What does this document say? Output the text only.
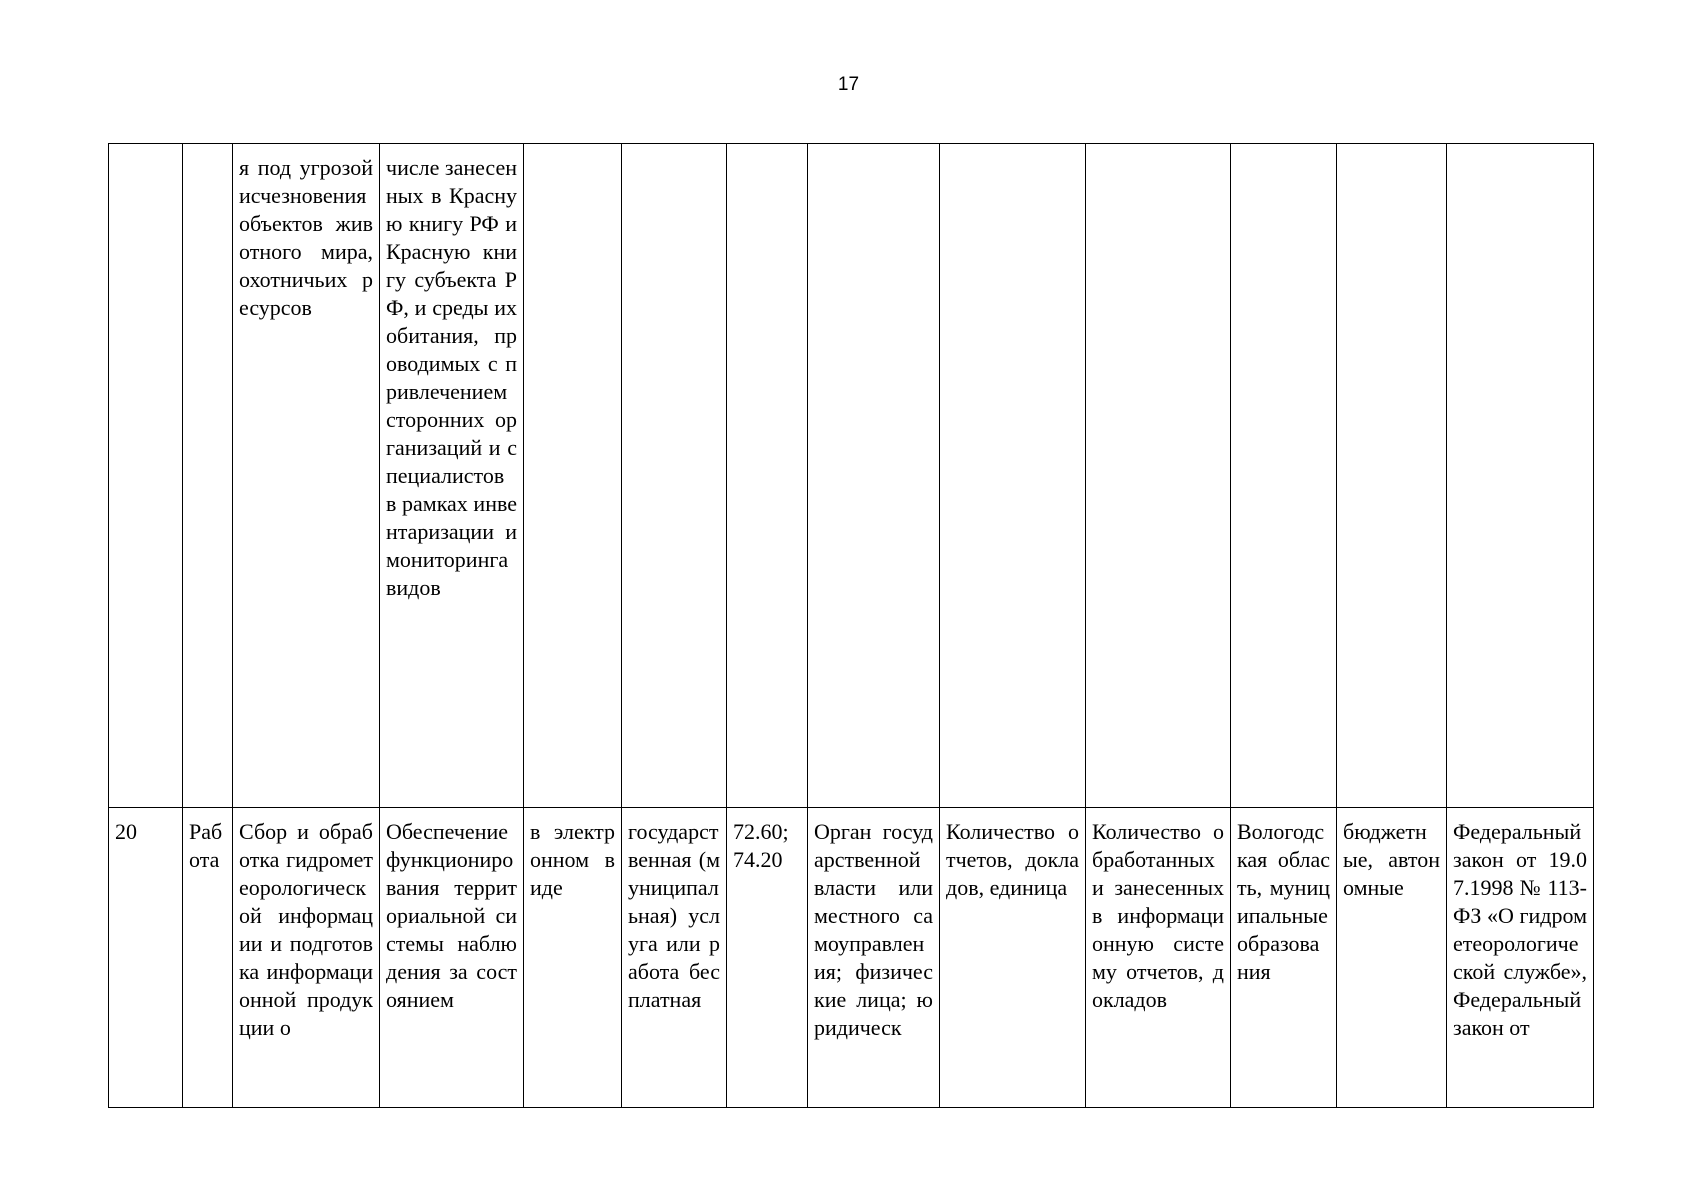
17
		я под угрозой исчезновения объектов животного мира, охотничьих ресурсов	числе занесенных в Красную книгу РФ и Красную книгу субъекта РФ, и среды их обитания, проводимых с привлечением сторонних организаций и специалистов в рамках инвентаризации и мониторинга видов									
20	Работа	Сбор и обработка гидрометеорологической информации и подготовка информационной продукции о	Обеспечение функционирования территориальной системы наблюдения за состоянием	в электронном виде	государственная (муниципальная) услуга или работа бесплатная	72.60; 74.20	Орган государственной власти или местного самоуправления; физические лица; юридическ	Количество отчетов, докладов, единица	Количество обработанных и занесенных в информационную систему отчетов, докладов	Вологодская область, муниципальные образования	бюджетные, автономные	Федеральный закон от 19.07.1998 № 113-ФЗ «О гидрометеорологической службе», Федеральный закон от
